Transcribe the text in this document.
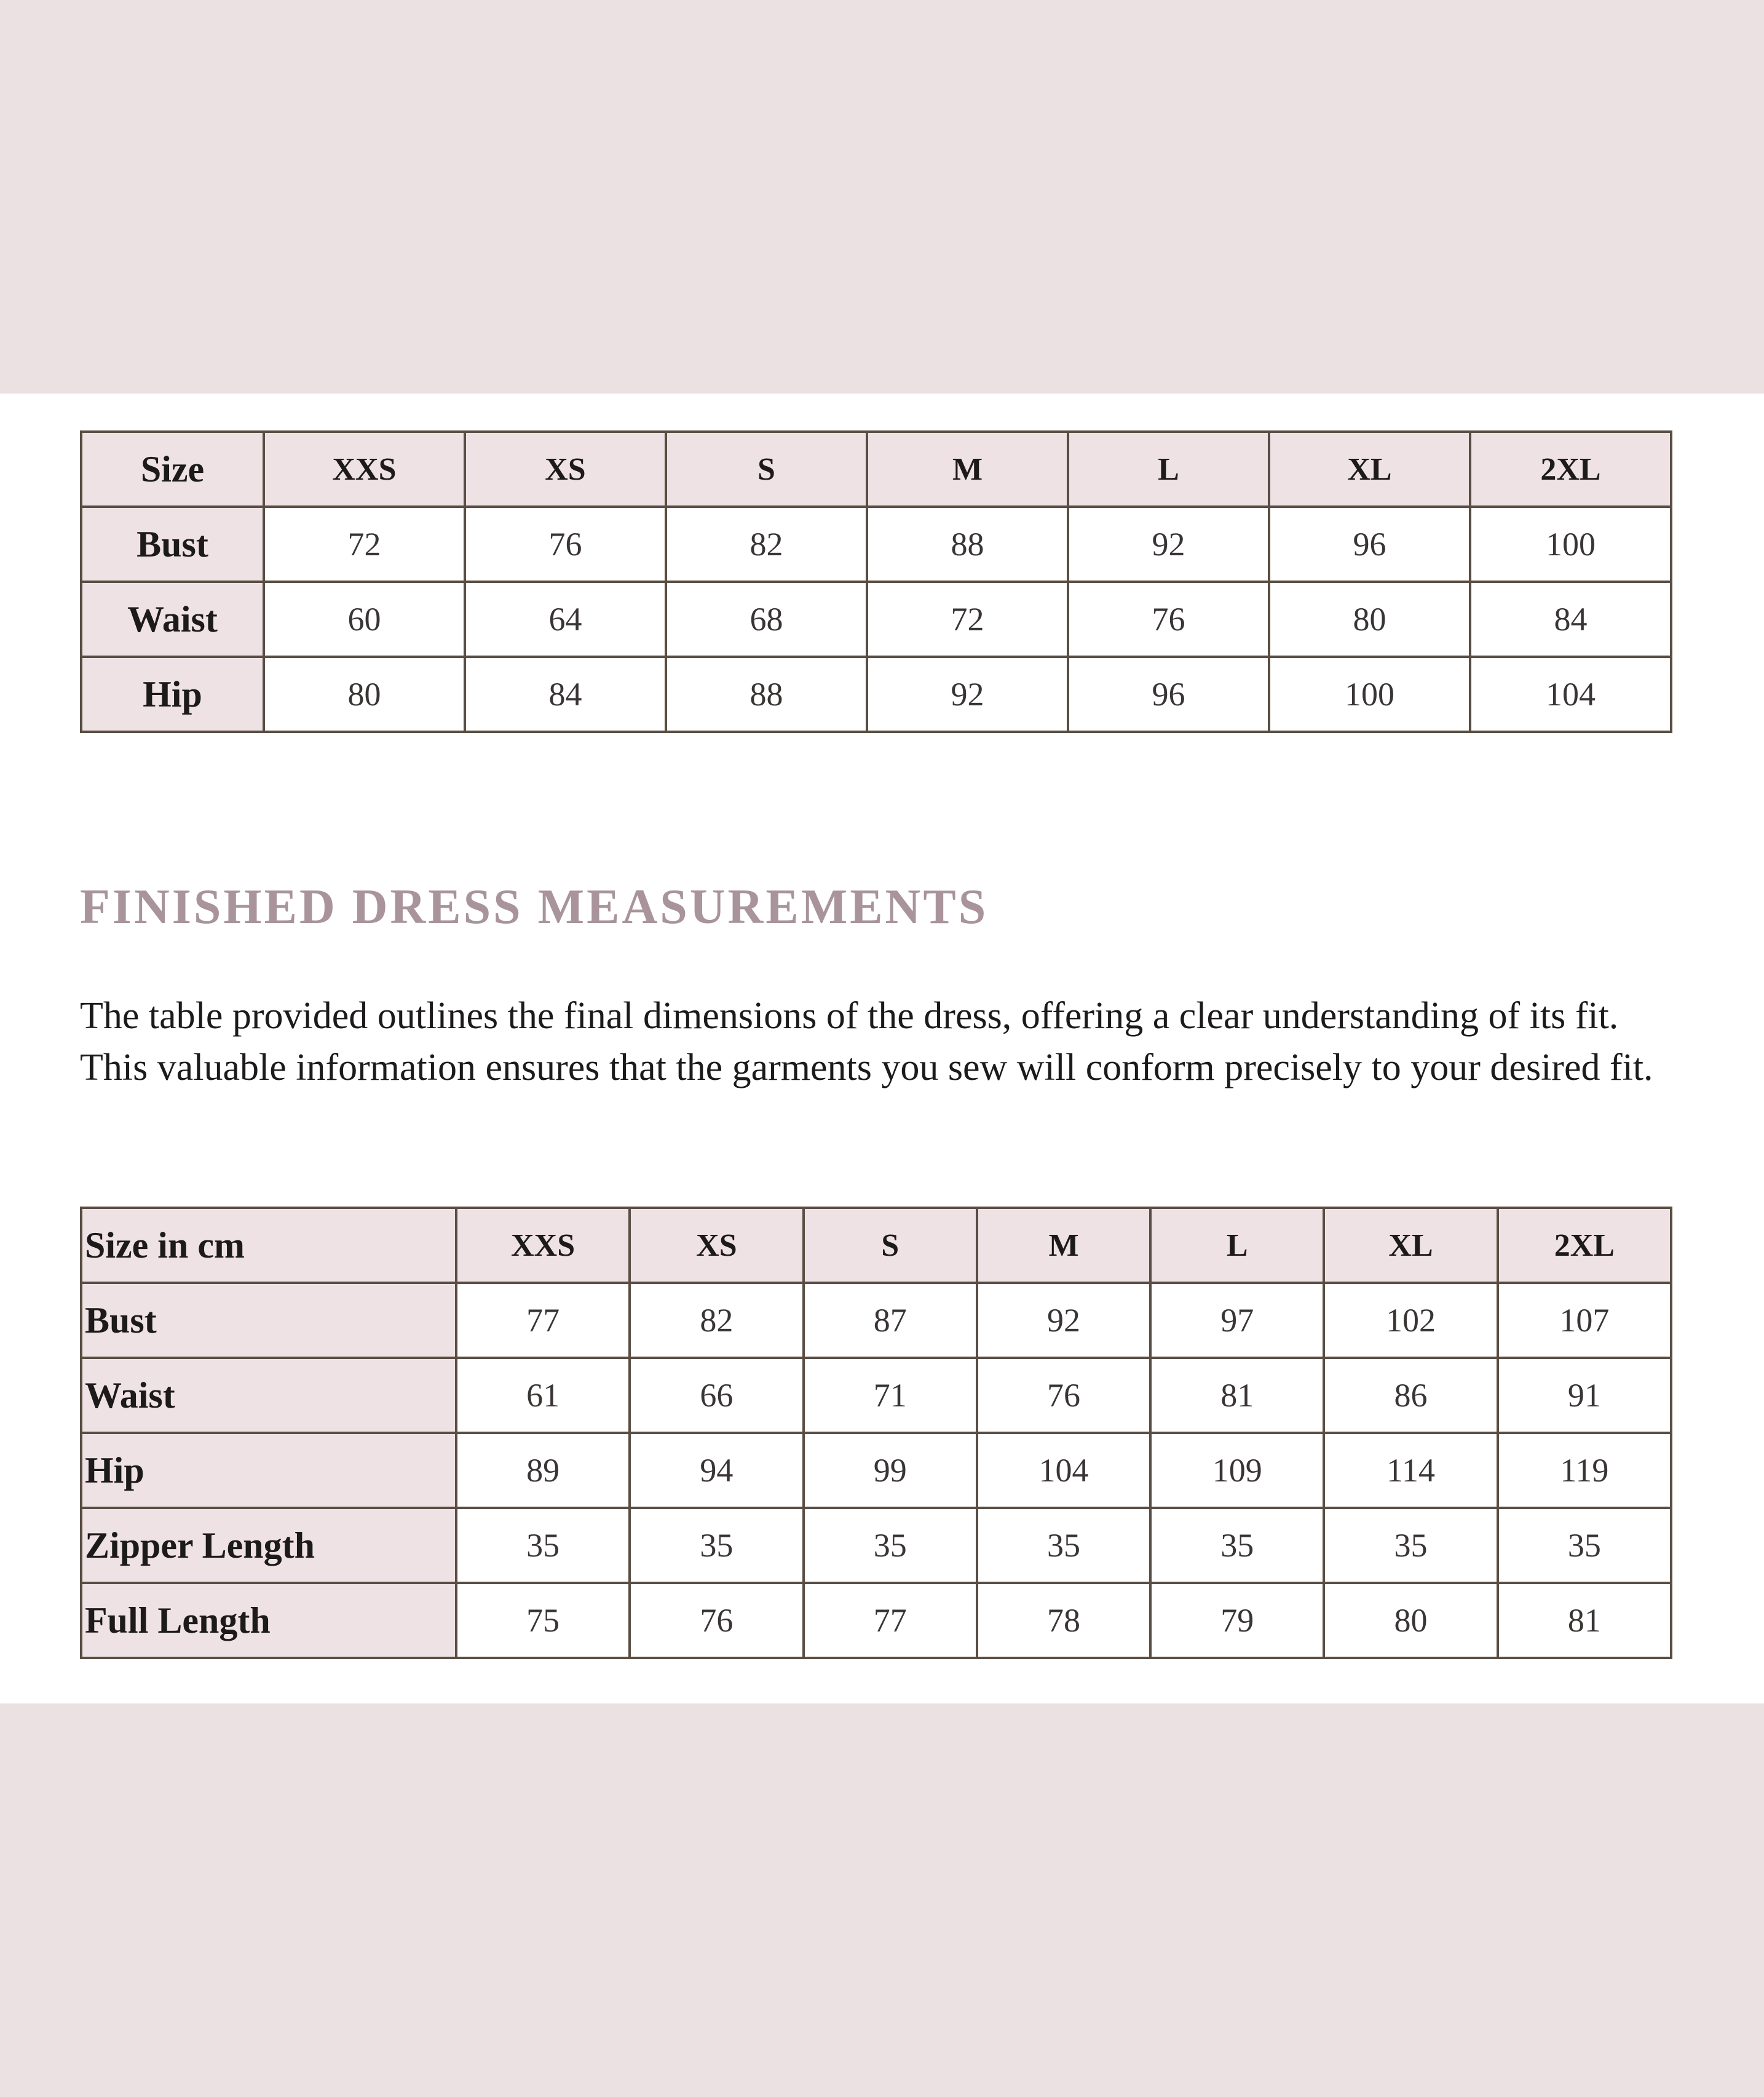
Size	XXS	XS	S	M	L	XL	2XL
Bust	72	76	82	88	92	96	100
Waist	60	64	68	72	76	80	84
Hip	80	84	88	92	96	100	104
FINISHED DRESS MEASUREMENTS

The table provided outlines the final dimensions of the dress, offering a clear understanding of its fit. This valuable information ensures that the garments you sew will conform precisely to your desired fit.

Size in cm	XXS	XS	S	M	L	XL	2XL
Bust	77	82	87	92	97	102	107
Waist	61	66	71	76	81	86	91
Hip	89	94	99	104	109	114	119
Zipper Length	35	35	35	35	35	35	35
Full Length	75	76	77	78	79	80	81
